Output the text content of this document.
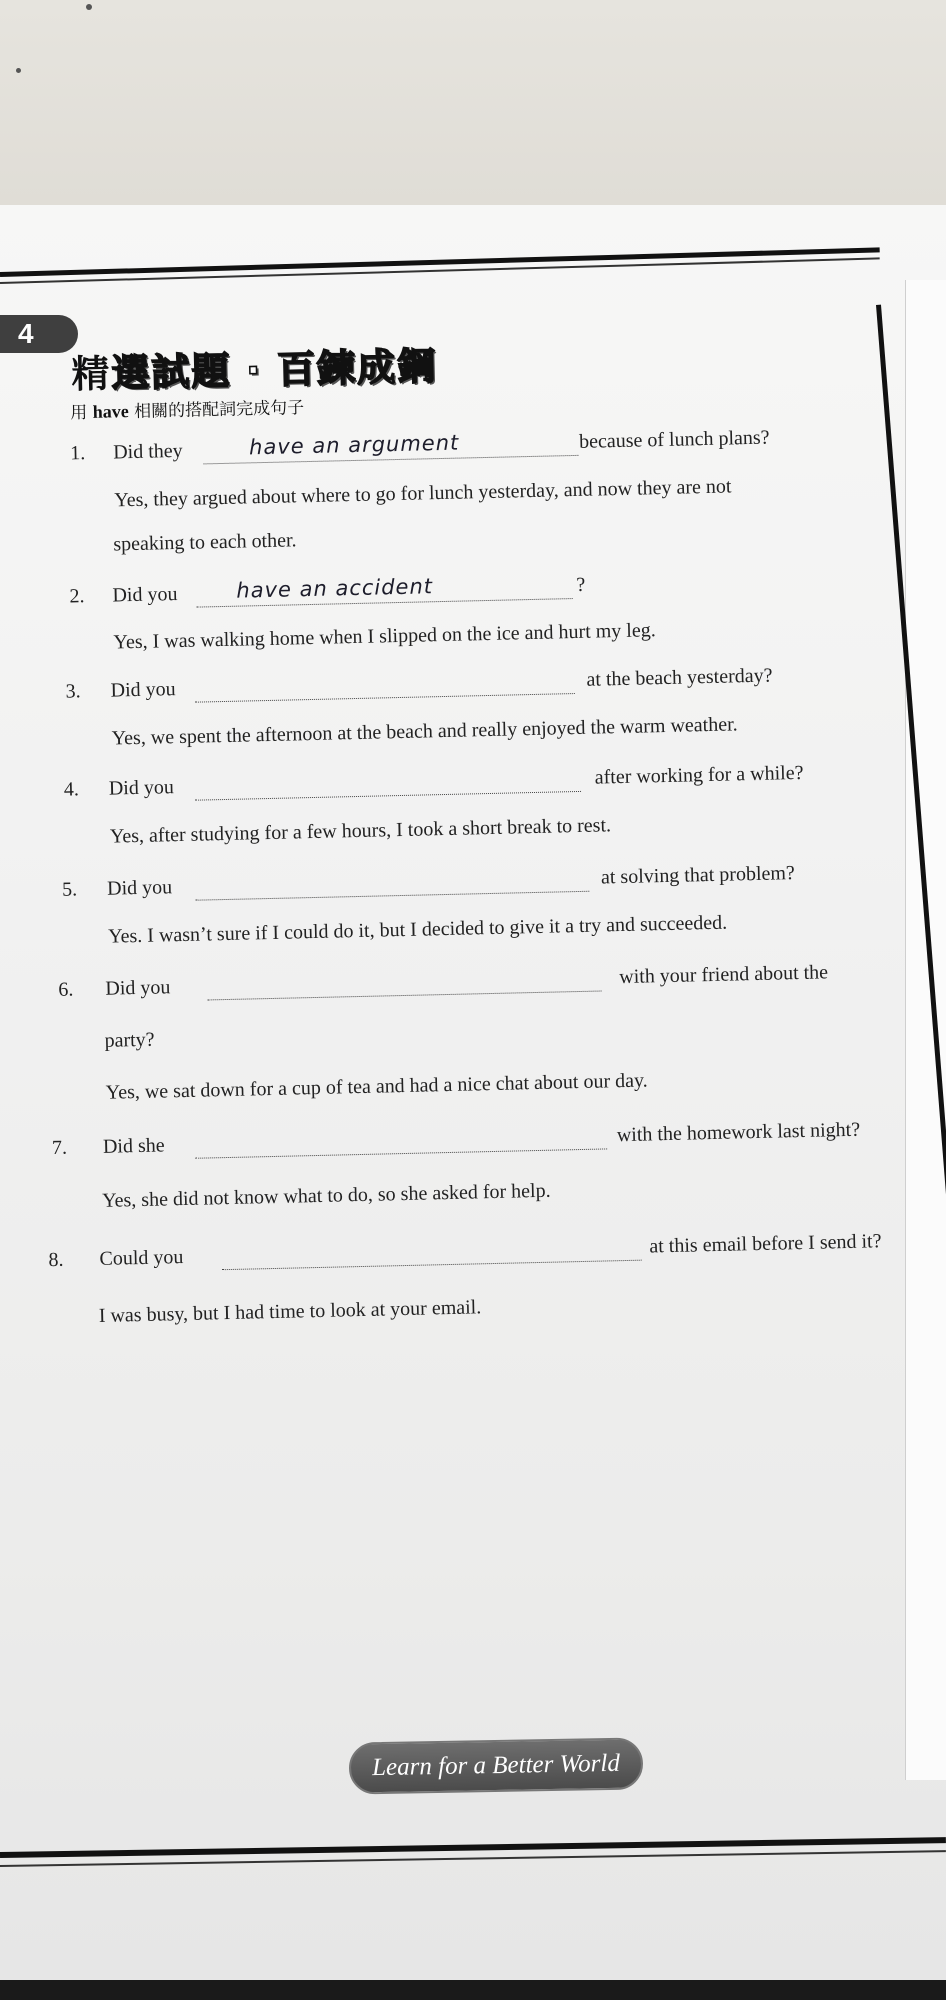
4
精選試題 ‧ 百鍊成鋼
用 have 相關的搭配詞完成句子
1. Did they	have an argument	because of lunch plans?
Yes, they argued about where to go for lunch yesterday, and now they are not
speaking to each other.
2. Did you	have an accident	?
Yes, I was walking home when I slipped on the ice and hurt my leg.
3. Did you	at the beach yesterday?
Yes, we spent the afternoon at the beach and really enjoyed the warm weather.
4. Did you	after working for a while?
Yes, after studying for a few hours, I took a short break to rest.
5. Did you	at solving that problem?
Yes. I wasn’t sure if I could do it, but I decided to give it a try and succeeded.
6. Did you	with your friend about the
party?
Yes, we sat down for a cup of tea and had a nice chat about our day.
7. Did she	with the homework last night?
Yes, she did not know what to do, so she asked for help.
8. Could you
at this email before I send it?
I was busy, but I had time to look at your email.
Learn for a Better World
